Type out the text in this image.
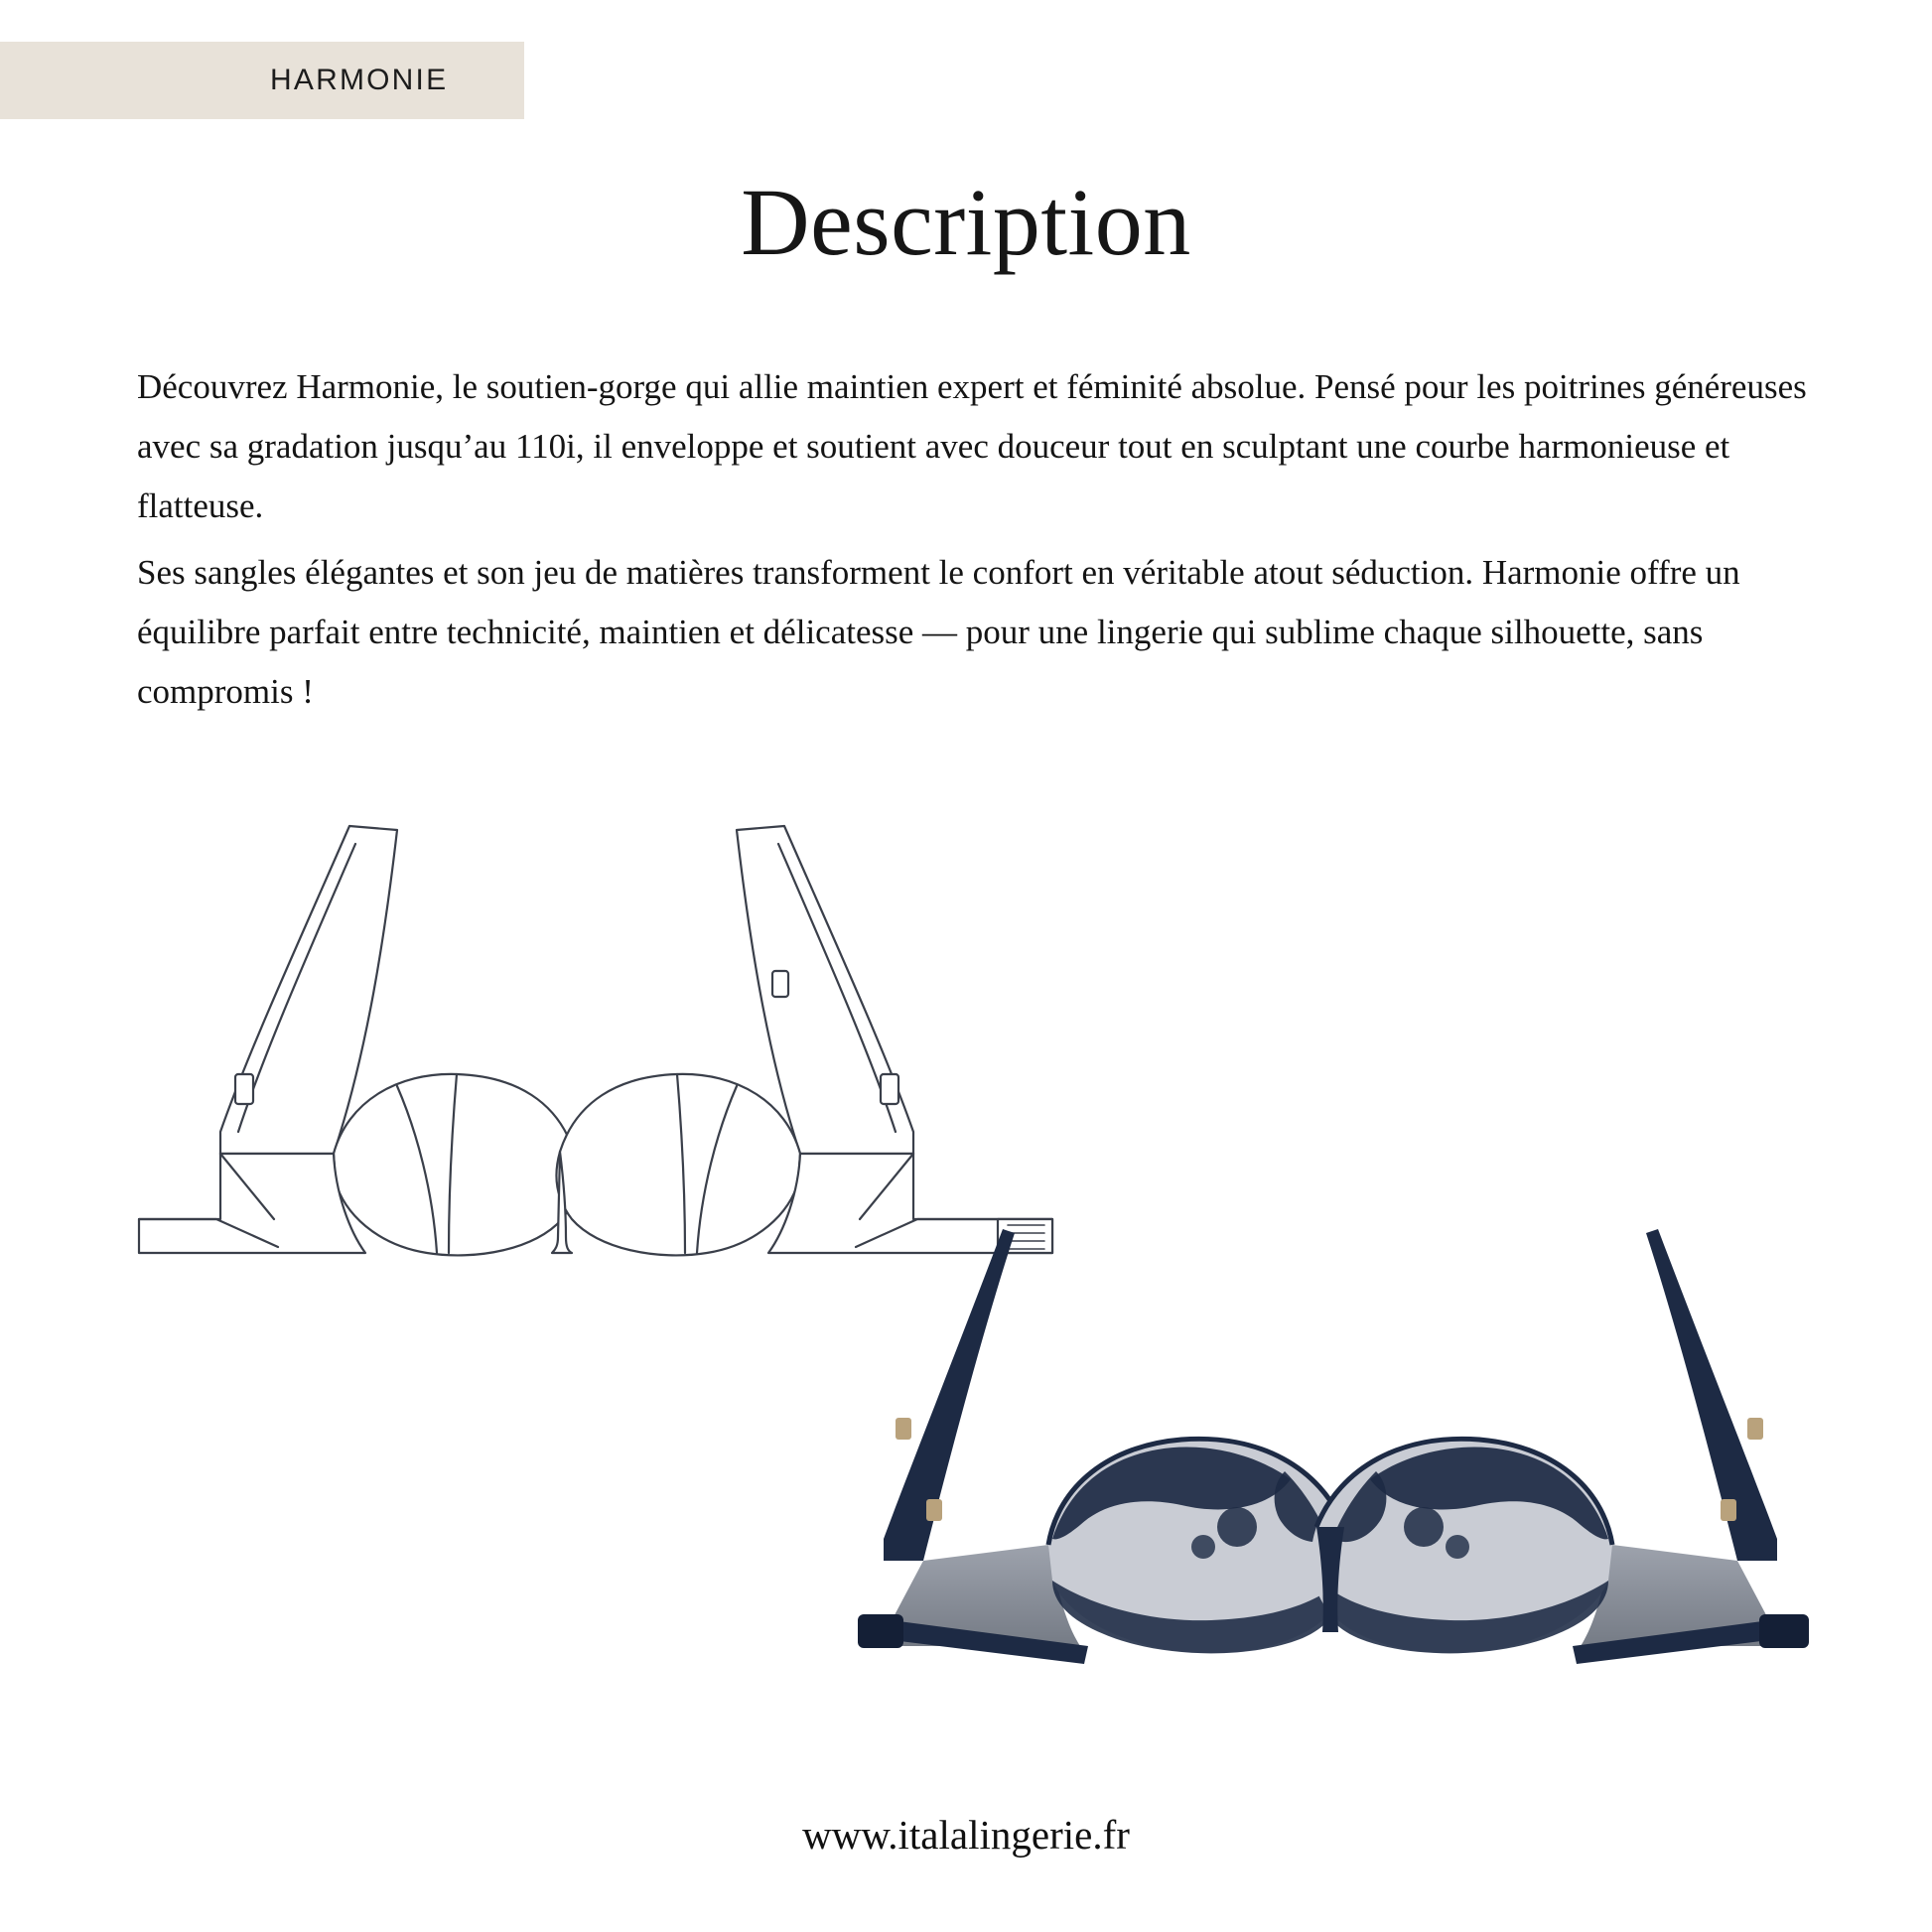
HARMONIE
Description

Découvrez Harmonie, le soutien-gorge qui allie maintien expert et féminité absolue. Pensé pour les poitrines généreuses avec sa gradation jusqu’au 110i, il enveloppe et soutient avec douceur tout en sculptant une courbe harmonieuse et flatteuse.

Ses sangles élégantes et son jeu de matières transforment le confort en véritable atout séduction. Harmonie offre un équilibre parfait entre technicité, maintien et délicatesse — pour une lingerie qui sublime chaque silhouette, sans compromis !

www.italalingerie.fr
